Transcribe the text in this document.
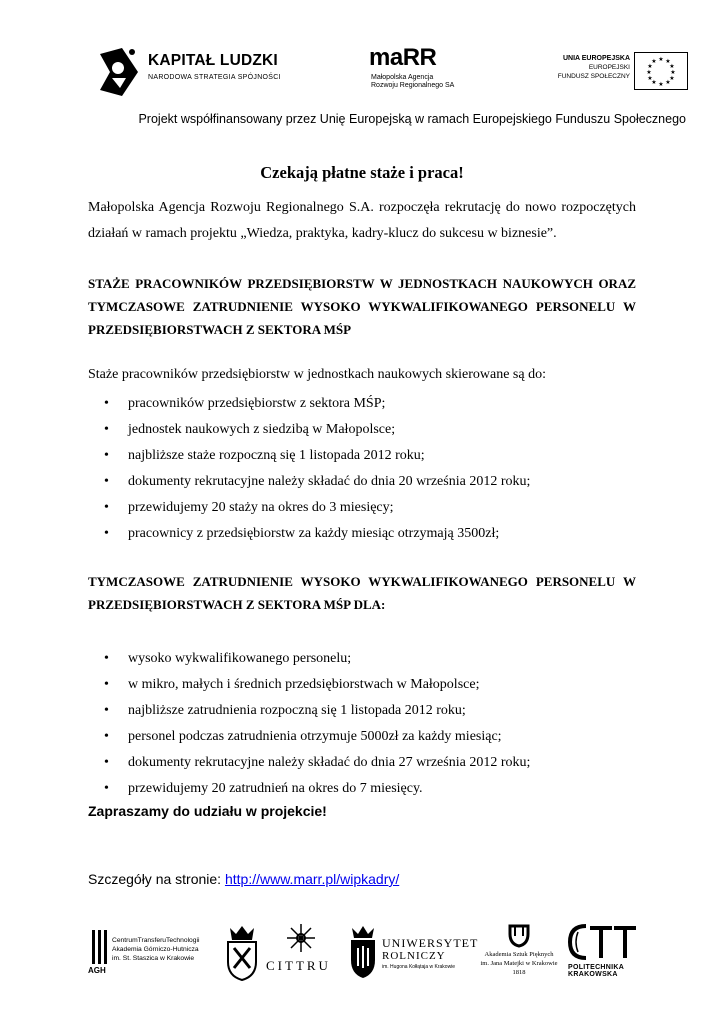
KAPITAŁ LUDZKI
NARODOWA STRATEGIA SPÓJNOŚCI
maRR
Małopolska Agencja
Rozwoju Regionalnego SA
UNIA EUROPEJSKA
EUROPEJSKI
FUNDUSZ SPOŁECZNY
★ ★
★
★
★
★
★
★
★
★
★
★
Projekt współfinansowany przez Unię Europejską w ramach Europejskiego Funduszu Społecznego
Czekają płatne staże i praca!
Małopolska Agencja Rozwoju Regionalnego S.A. rozpoczęła rekrutację do nowo rozpoczętych działań w ramach projektu „Wiedza, praktyka, kadry-klucz do sukcesu w biznesie”.
STAŻE PRACOWNIKÓW PRZEDSIĘBIORSTW W JEDNOSTKACH NAUKOWYCH ORAZ TYMCZASOWE ZATRUDNIENIE WYSOKO WYKWALIFIKOWANEGO PERSONELU W PRZEDSIĘBIORSTWACH Z SEKTORA MŚP
Staże pracowników przedsiębiorstw w jednostkach naukowych skierowane są do:
• pracowników przedsiębiorstw z sektora MŚP;
• jednostek naukowych z siedzibą w Małopolsce;
• najbliższe staże rozpoczną się 1 listopada 2012 roku;
• dokumenty rekrutacyjne należy składać do dnia 20 września 2012 roku;
• przewidujemy 20 staży na okres do 3 miesięcy;
• pracownicy z przedsiębiorstw za każdy miesiąc otrzymają 3500zł;
TYMCZASOWE ZATRUDNIENIE WYSOKO WYKWALIFIKOWANEGO PERSONELU W PRZEDSIĘBIORSTWACH Z SEKTORA MŚP DLA:
• wysoko wykwalifikowanego personelu;
• w mikro, małych i średnich przedsiębiorstwach w Małopolsce;
• najbliższe zatrudnienia rozpoczną się 1 listopada 2012 roku;
• personel podczas zatrudnienia otrzymuje 5000zł za każdy miesiąc;
• dokumenty rekrutacyjne należy składać do dnia 27 września 2012 roku;
• przewidujemy 20 zatrudnień na okres do 7 miesięcy.
Zapraszamy do udziału w projekcie!
Szczegóły na stronie: http://www.marr.pl/wipkadry/
CentrumTransferuTechnologii
Akademia Górniczo-Hutnicza
im. St. Staszica w Krakowie
AGH	CITTRU
UNIWERSYTET
ROLNICZY
im. Hugona Kołłątaja w Krakowie
Akademia Sztuk Pięknych
im. Jana Matejki w Krakowie
1818
POLITECHNIKA
KRAKOWSKA
